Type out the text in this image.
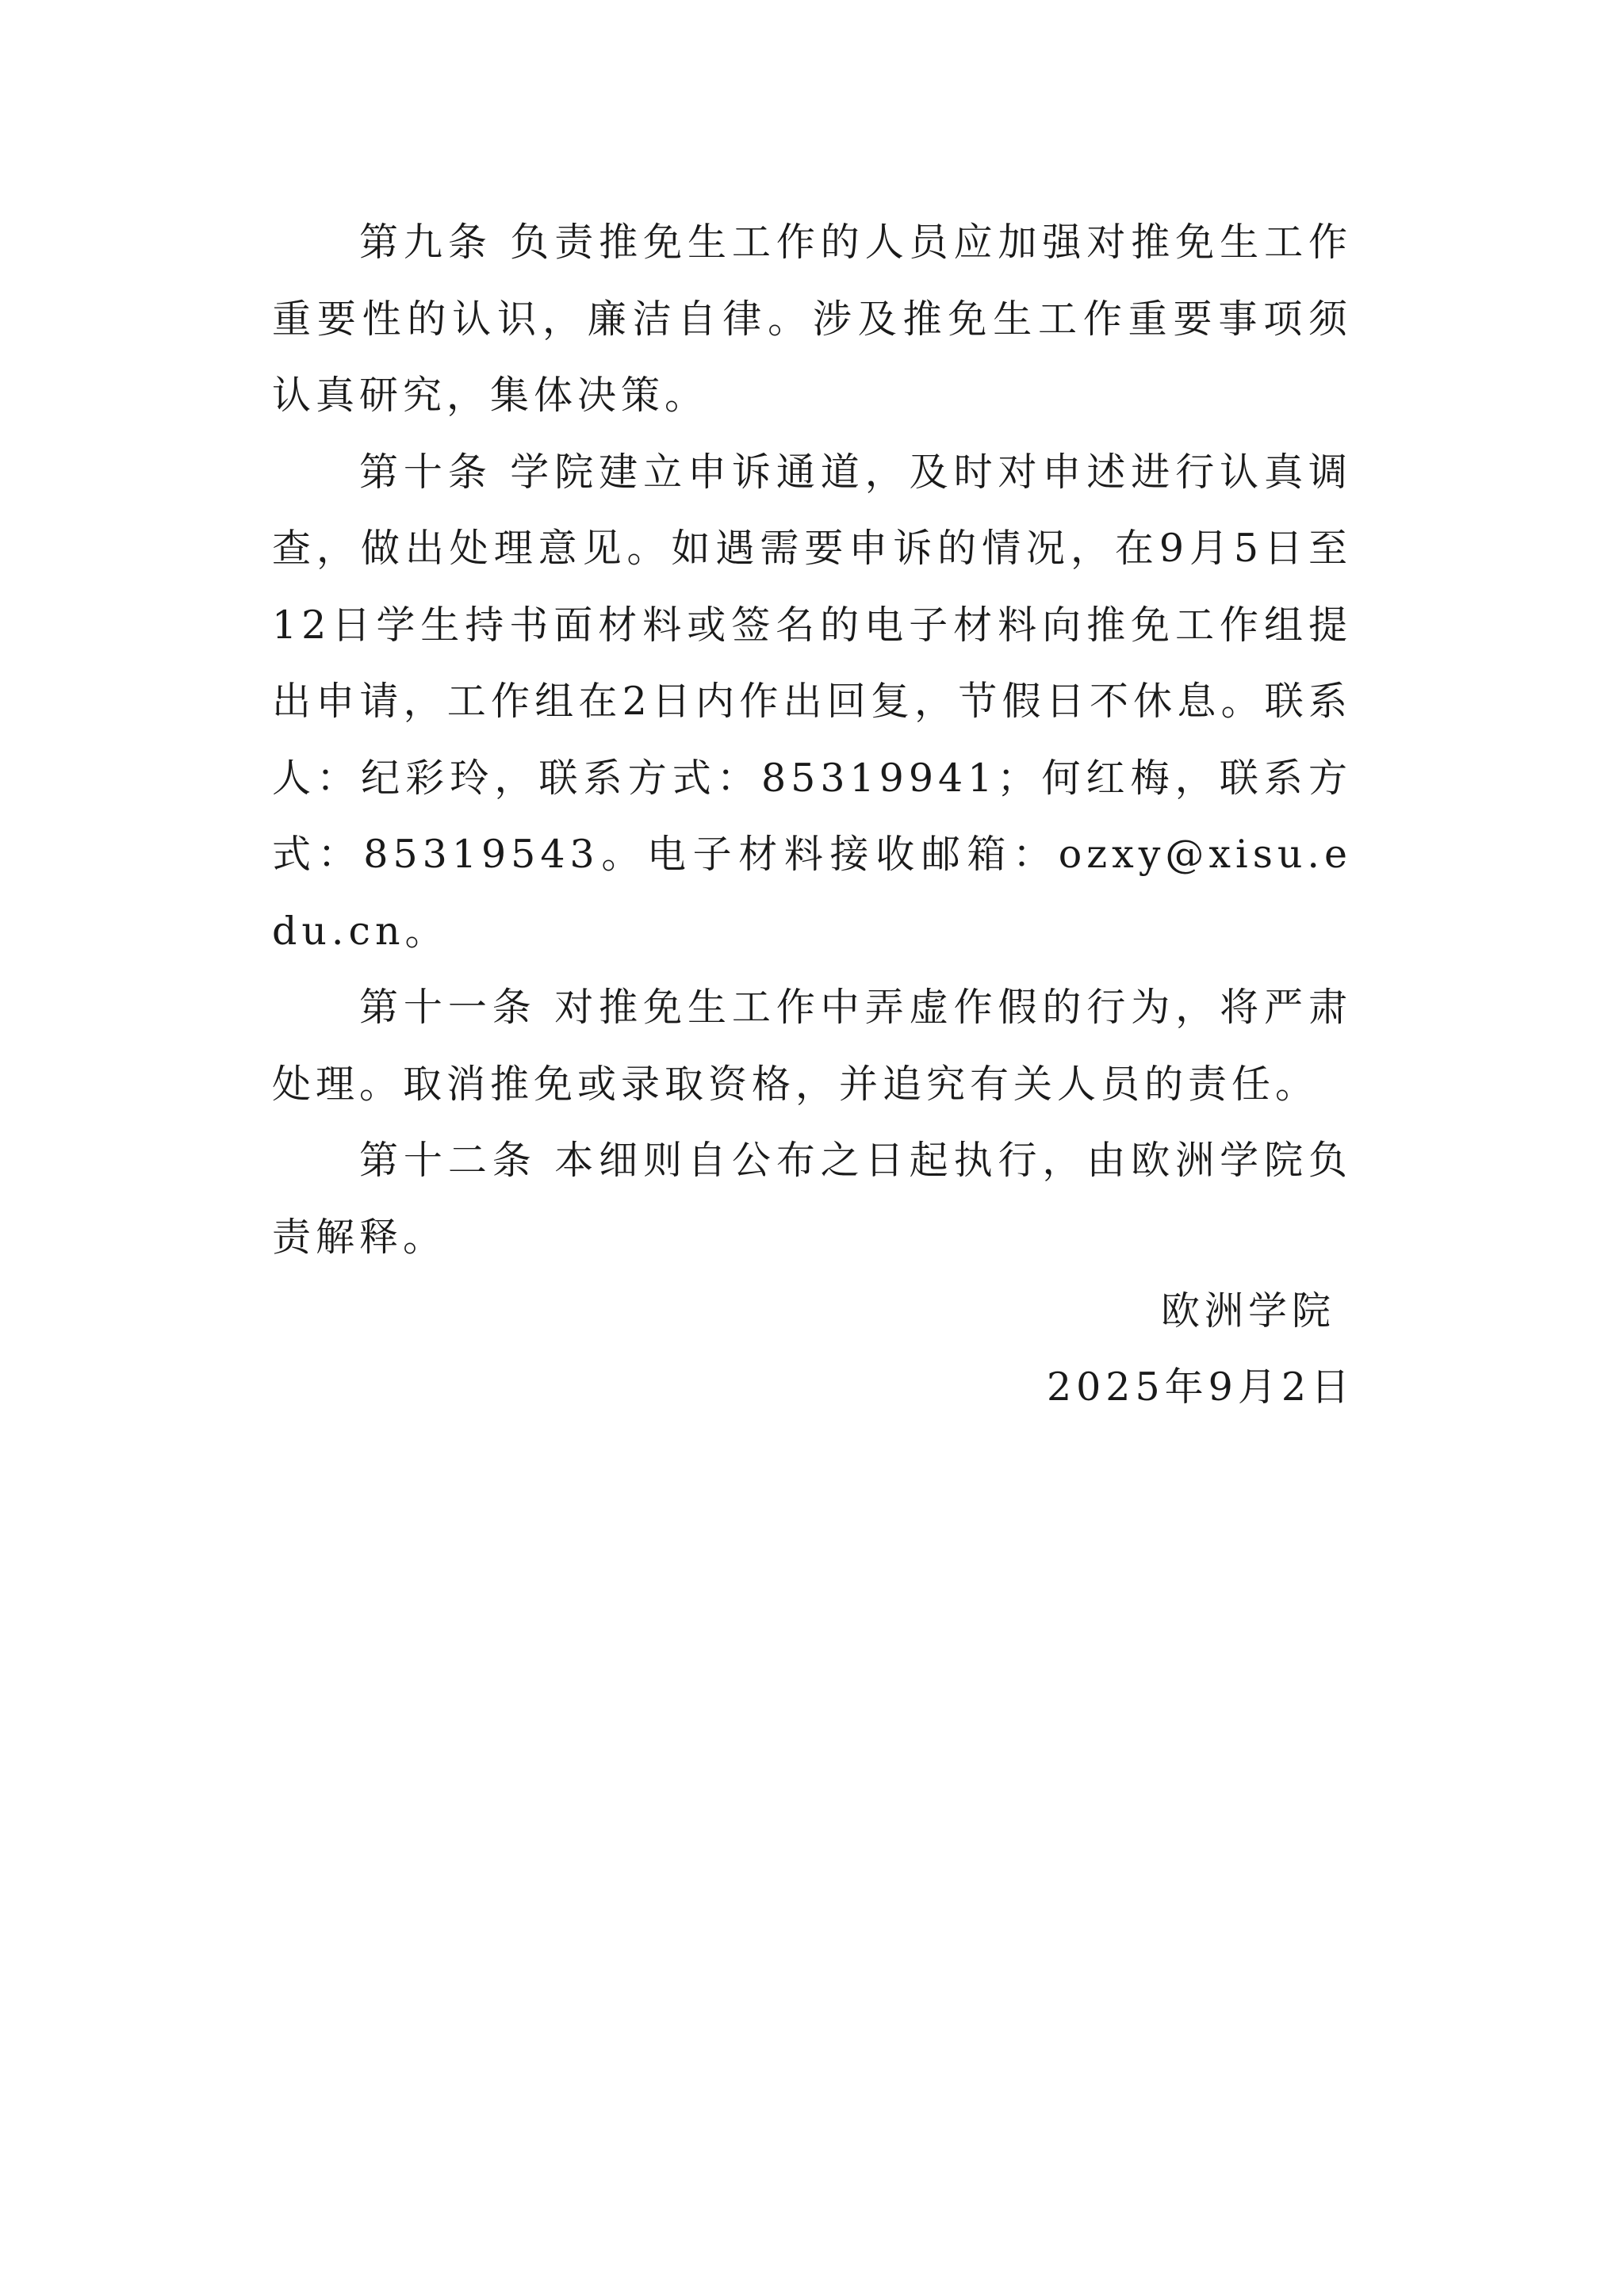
第九条 负责推免生工作的人员应加强对推免生工作重要性的认识，廉洁自律。涉及推免生工作重要事项须认真研究，集体决策。

第十条 学院建立申诉通道，及时对申述进行认真调查，做出处理意见。如遇需要申诉的情况，在9月5日至12日学生持书面材料或签名的电子材料向推免工作组提出申请，工作组在2日内作出回复，节假日不休息。联系人：纪彩玲，联系方式：85319941；何红梅，联系方式：85319543。电子材料接收邮箱：ozxy@xisu.edu.cn。

第十一条 对推免生工作中弄虚作假的行为，将严肃处理。取消推免或录取资格，并追究有关人员的责任。

第十二条 本细则自公布之日起执行，由欧洲学院负责解释。

欧洲学院
2025年9月2日
